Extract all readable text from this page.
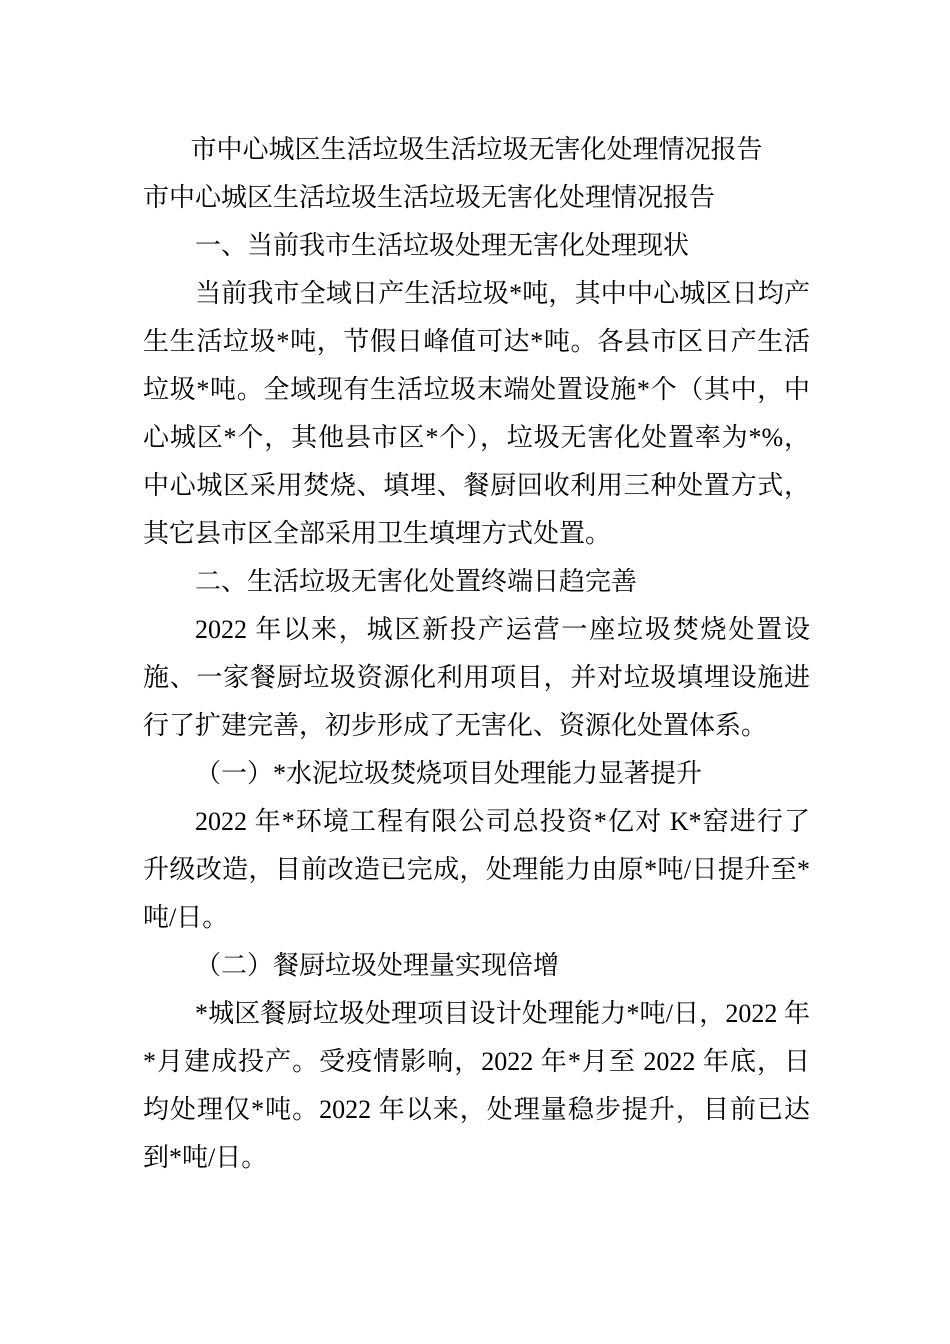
市中心城区生活垃圾生活垃圾无害化处理情况报告

市中心城区生活垃圾生活垃圾无害化处理情况报告

一、当前我市生活垃圾处理无害化处理现状

当前我市全域日产生活垃圾*吨，其中中心城区日均产生生活垃圾*吨，节假日峰值可达*吨。各县市区日产生活垃圾*吨。全域现有生活垃圾末端处置设施*个（其中，中心城区*个，其他县市区*个），垃圾无害化处置率为*%，中心城区采用焚烧、填埋、餐厨回收利用三种处置方式，其它县市区全部采用卫生填埋方式处置。

二、生活垃圾无害化处置终端日趋完善

2022 年以来，城区新投产运营一座垃圾焚烧处置设施、一家餐厨垃圾资源化利用项目，并对垃圾填埋设施进行了扩建完善，初步形成了无害化、资源化处置体系。

（一）*水泥垃圾焚烧项目处理能力显著提升

2022 年*环境工程有限公司总投资*亿对 K*窑进行了升级改造，目前改造已完成，处理能力由原*吨/日提升至*吨/日。

（二）餐厨垃圾处理量实现倍增

*城区餐厨垃圾处理项目设计处理能力*吨/日，2022 年*月建成投产。受疫情影响，2022 年*月至 2022 年底，日均处理仅*吨。2022 年以来，处理量稳步提升，目前已达到*吨/日。
